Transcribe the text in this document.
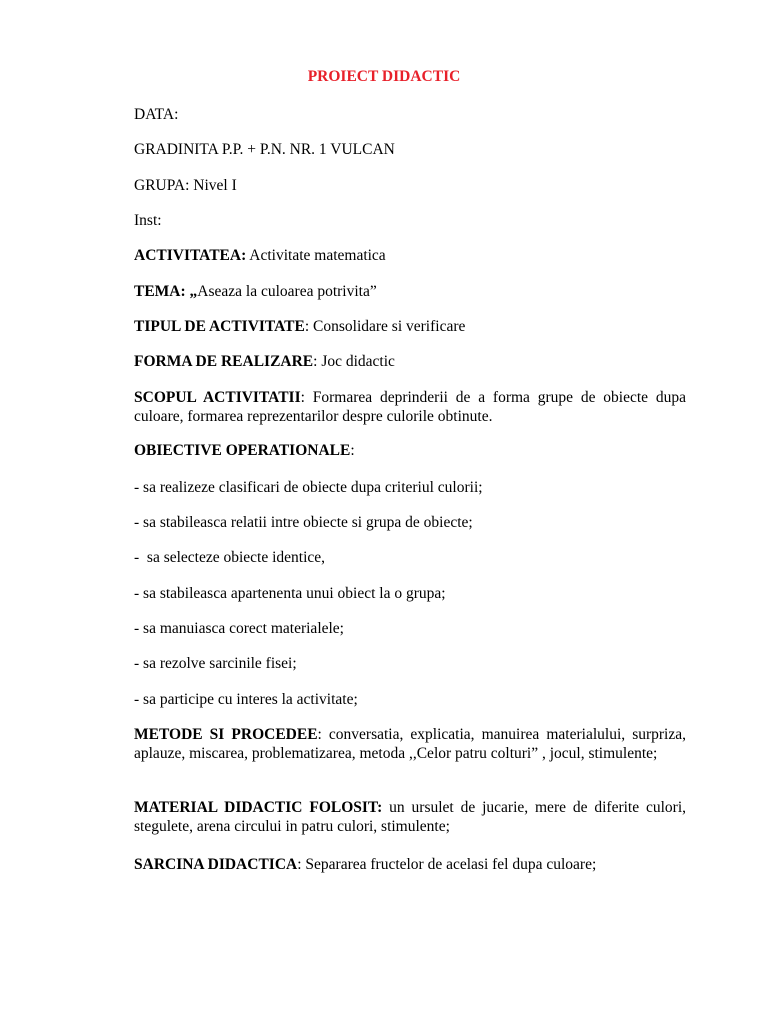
PROIECT DIDACTIC
DATA:
GRADINITA P.P. + P.N. NR. 1 VULCAN
GRUPA: Nivel I
Inst:
ACTIVITATEA: Activitate matematica
TEMA: „Aseaza la culoarea potrivita”
TIPUL DE ACTIVITATE: Consolidare si verificare
FORMA DE REALIZARE: Joc didactic
SCOPUL ACTIVITATII: Formarea deprinderii de a forma grupe de obiecte dupa culoare, formarea reprezentarilor despre culorile obtinute.
OBIECTIVE OPERATIONALE:
- sa realizeze clasificari de obiecte dupa criteriul culorii;
- sa stabileasca relatii intre obiecte si grupa de obiecte;
-  sa selecteze obiecte identice,
- sa stabileasca apartenenta unui obiect la o grupa;
- sa manuiasca corect materialele;
- sa rezolve sarcinile fisei;
- sa participe cu interes la activitate;
METODE SI PROCEDEE: conversatia, explicatia, manuirea materialului, surpriza, aplauze, miscarea, problematizarea, metoda ,,Celor patru colturi” , jocul, stimulente;
MATERIAL DIDACTIC FOLOSIT: un ursulet de jucarie, mere de diferite culori, stegulete, arena circului in patru culori, stimulente;
SARCINA DIDACTICA: Separarea fructelor de acelasi fel dupa culoare;
